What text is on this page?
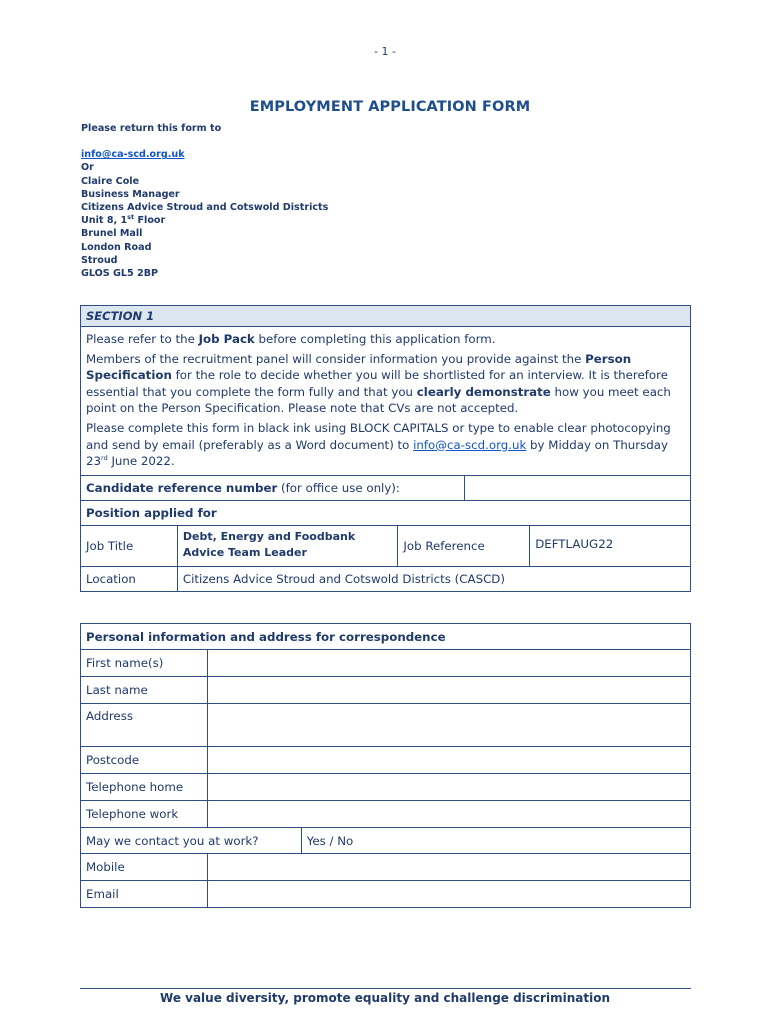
- 1 -
EMPLOYMENT APPLICATION FORM
Please return this form to
info@ca-scd.org.uk
Or
Claire Cole
Business Manager
Citizens Advice Stroud and Cotswold Districts
Unit 8, 1st Floor
Brunel Mall
London Road
Stroud
GLOS GL5 2BP
SECTION 1				

Please refer to the Job Pack before completing this application form.

Members of the recruitment panel will consider information you provide against the Person Specification for the role to decide whether you will be shortlisted for an interview. It is therefore essential that you complete the form fully and that you clearly demonstrate how you meet each point on the Person Specification. Please note that CVs are not accepted.

Please complete this form in black ink using BLOCK CAPITALS or type to enable clear photocopying and send by email (preferably as a Word document) to info@ca-scd.org.uk by Midday on Thursday 23rd June 2022.				

Candidate reference number (for office use only):				
Position applied for				
Job Title	Debt, Energy and Foodbank Advice Team Leader	Job Reference		DEFTLAUG22
Location	Citizens Advice Stroud and Cotswold Districts (CASCD)			
Personal information and address for correspondence		
First name(s)		
Last name		
Address		
Postcode		
Telephone home		
Telephone work		
May we contact you at work?		Yes / No
Mobile		
Email		
We value diversity, promote equality and challenge discrimination
